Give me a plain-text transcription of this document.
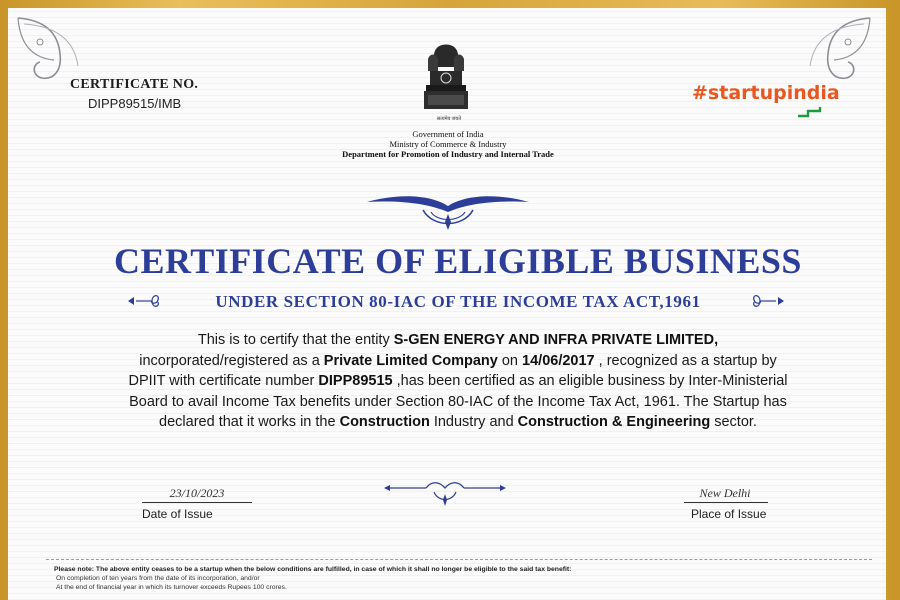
CERTIFICATE NO.
DIPP89515/IMB
सत्यमेव जयते
Government of India
Ministry of Commerce & Industry
Department for Promotion of Industry and Internal Trade
#startupindia
CERTIFICATE OF ELIGIBLE BUSINESS
UNDER SECTION 80-IAC OF THE INCOME TAX ACT,1961
This is to certify that the entity S-GEN ENERGY AND INFRA PRIVATE LIMITED, incorporated/registered as a Private Limited Company on 14/06/2017 , recognized as a startup by DPIIT with certificate number DIPP89515 ,has been certified as an eligible business by Inter-Ministerial Board to avail Income Tax benefits under Section 80-IAC of the Income Tax Act, 1961. The Startup has declared that it works in the Construction Industry and Construction & Engineering sector.
23/10/2023
Date of Issue
New Delhi
Place of Issue
Please note: The above entity ceases to be a startup when the below conditions are fulfilled, in case of which it shall no longer be eligible to the said tax benefit:
On completion of ten years from the date of its incorporation, and/or
At the end of financial year in which its turnover exceeds Rupees 100 crores.
